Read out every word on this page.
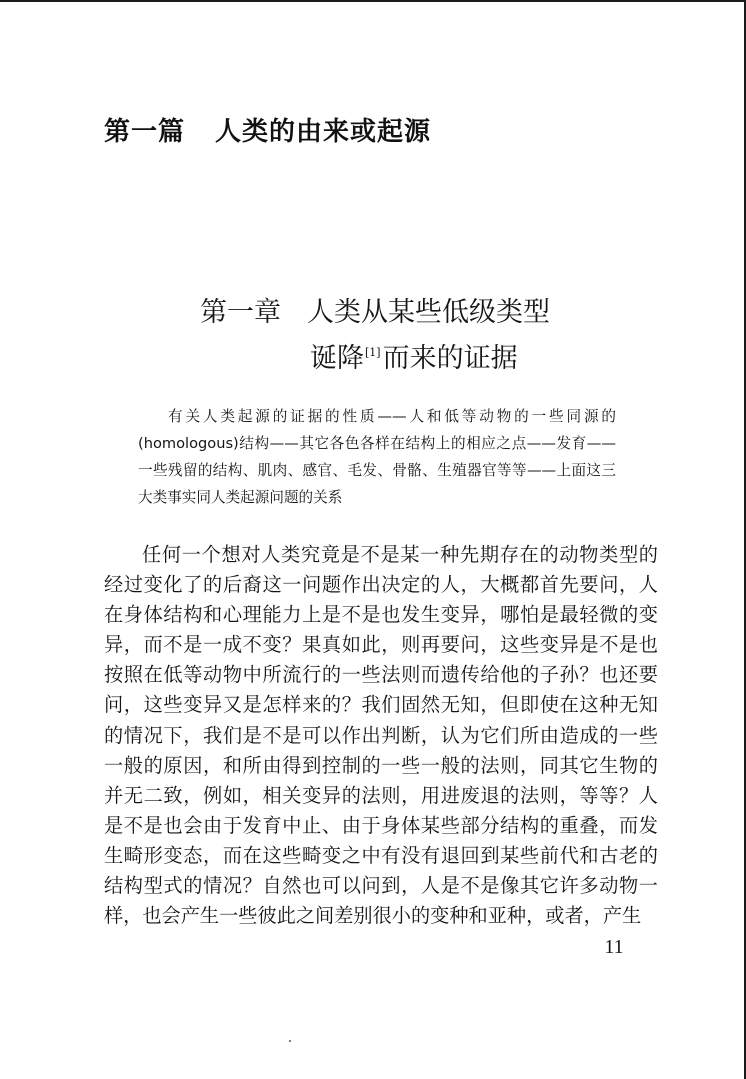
第一篇 人类的由来或起源
第一章 人类从某些低级类型
诞降[1]而来的证据
有关人类起源的证据的性质——人和低等动物的一些同源的(homologous)结构——其它各色各样在结构上的相应之点——发育——一些残留的结构、肌肉、感官、毛发、骨骼、生殖器官等等——上面这三大类事实同人类起源问题的关系
任何一个想对人类究竟是不是某一种先期存在的动物类型的经过变化了的后裔这一问题作出决定的人，大概都首先要问，人在身体结构和心理能力上是不是也发生变异，哪怕是最轻微的变异，而不是一成不变？果真如此，则再要问，这些变异是不是也按照在低等动物中所流行的一些法则而遗传给他的子孙？也还要问，这些变异又是怎样来的？我们固然无知，但即使在这种无知的情况下，我们是不是可以作出判断，认为它们所由造成的一些一般的原因，和所由得到控制的一些一般的法则，同其它生物的并无二致，例如，相关变异的法则，用进废退的法则，等等？人是不是也会由于发育中止、由于身体某些部分结构的重叠，而发生畸形变态，而在这些畸变之中有没有退回到某些前代和古老的结构型式的情况？自然也可以问到，人是不是像其它许多动物一样，也会产生一些彼此之间差别很小的变种和亚种，或者，产生
11
